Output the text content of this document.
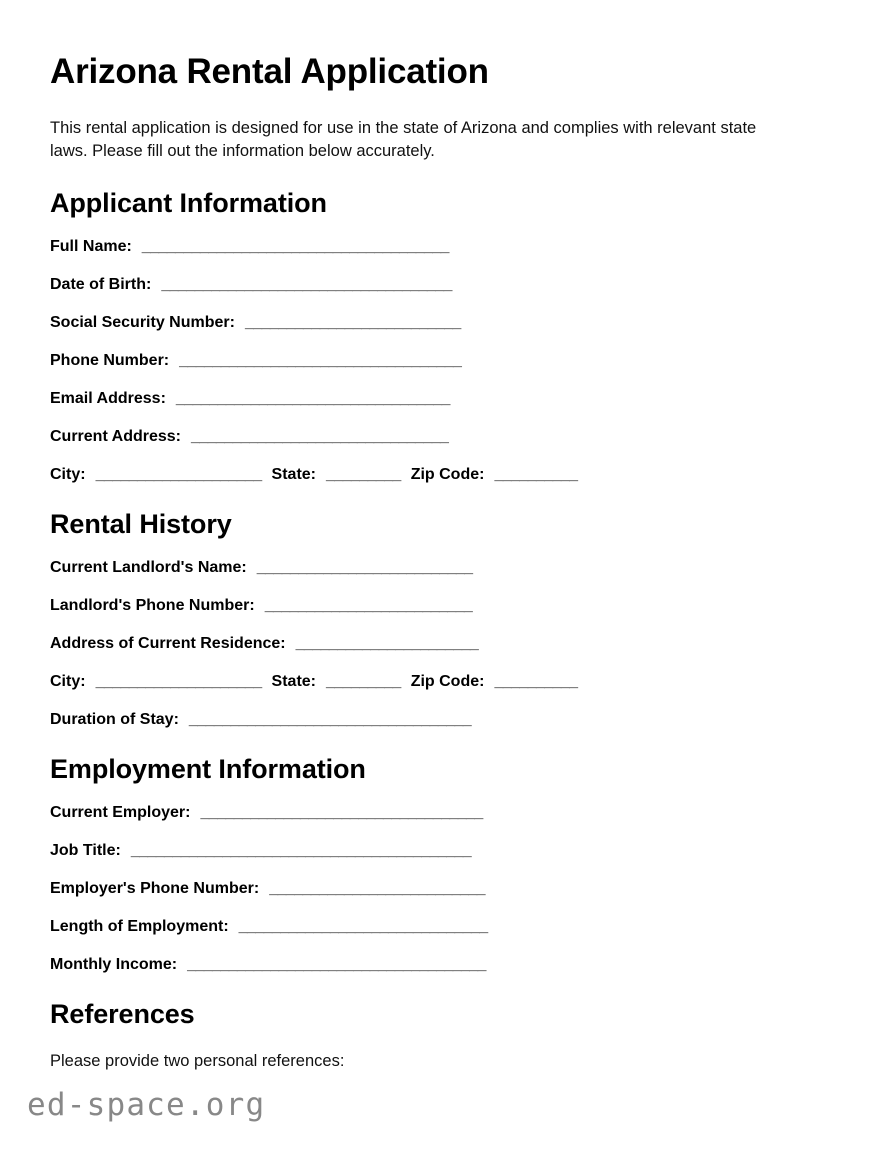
Arizona Rental Application

This rental application is designed for use in the state of Arizona and complies with relevant state laws. Please fill out the information below accurately.

Applicant Information
Full Name: _____________________________________
Date of Birth: ___________________________________
Social Security Number: __________________________
Phone Number: __________________________________
Email Address: _________________________________
Current Address: _______________________________
City: ____________________ State: _________ Zip Code: __________
Rental History
Current Landlord's Name: __________________________
Landlord's Phone Number: _________________________
Address of Current Residence: ______________________
City: ____________________ State: _________ Zip Code: __________
Duration of Stay: __________________________________
Employment Information
Current Employer: __________________________________
Job Title: _________________________________________
Employer's Phone Number: __________________________
Length of Employment: ______________________________
Monthly Income: ____________________________________
References

Please provide two personal references:

ed-space.org
